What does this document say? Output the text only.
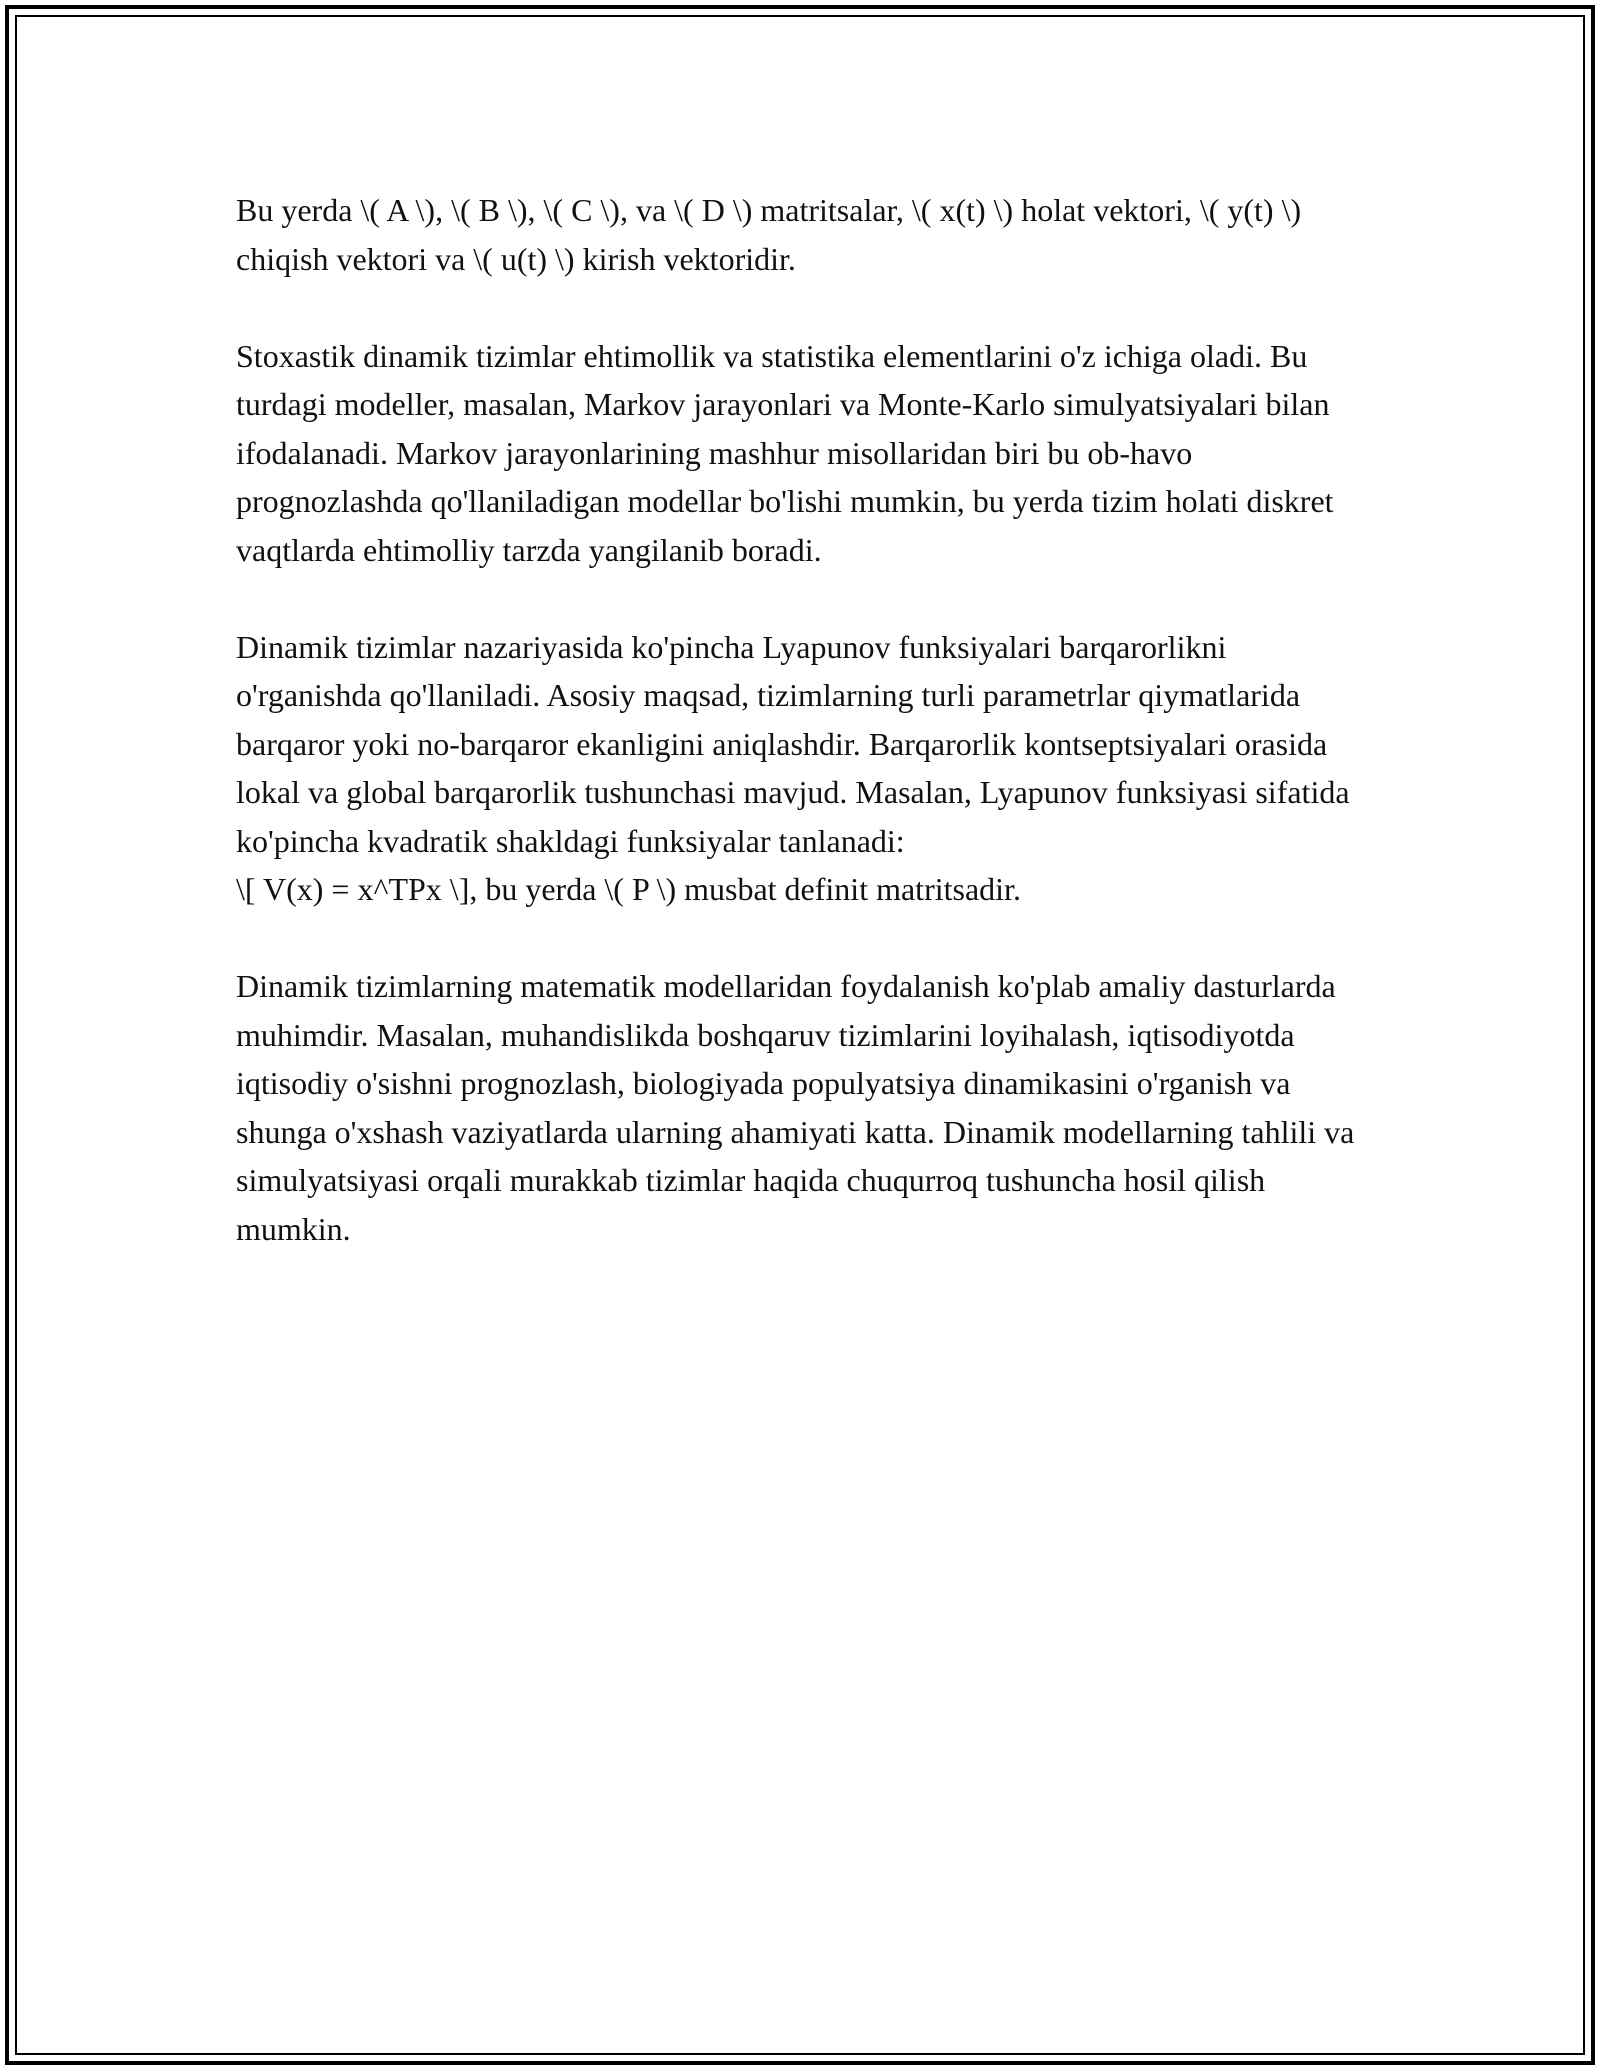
Bu yerda \( A \), \( B \), \( C \), va \( D \) matritsalar, \( x(t) \) holat vektori, \( y(t) \) chiqish vektori va \( u(t) \) kirish vektoridir.

Stoxastik dinamik tizimlar ehtimollik va statistika elementlarini o'z ichiga oladi. Bu turdagi modeller, masalan, Markov jarayonlari va Monte-Karlo simulyatsiyalari bilan ifodalanadi. Markov jarayonlarining mashhur misollaridan biri bu ob-havo prognozlashda qo'llaniladigan modellar bo'lishi mumkin, bu yerda tizim holati diskret vaqtlarda ehtimolliy tarzda yangilanib boradi.

Dinamik tizimlar nazariyasida ko'pincha Lyapunov funksiyalari barqarorlikni o'rganishda qo'llaniladi. Asosiy maqsad, tizimlarning turli parametrlar qiymatlarida barqaror yoki no-barqaror ekanligini aniqlashdir. Barqarorlik kontseptsiyalari orasida lokal va global barqarorlik tushunchasi mavjud. Masalan, Lyapunov funksiyasi sifatida ko'pincha kvadratik shakldagi funksiyalar tanlanadi:
\[ V(x) = x^TPx \], bu yerda \( P \) musbat definit matritsadir.

Dinamik tizimlarning matematik modellaridan foydalanish ko'plab amaliy dasturlarda muhimdir. Masalan, muhandislikda boshqaruv tizimlarini loyihalash, iqtisodiyotda iqtisodiy o'sishni prognozlash, biologiyada populyatsiya dinamikasini o'rganish va shunga o'xshash vaziyatlarda ularning ahamiyati katta. Dinamik modellarning tahlili va simulyatsiyasi orqali murakkab tizimlar haqida chuqurroq tushuncha hosil qilish mumkin.
